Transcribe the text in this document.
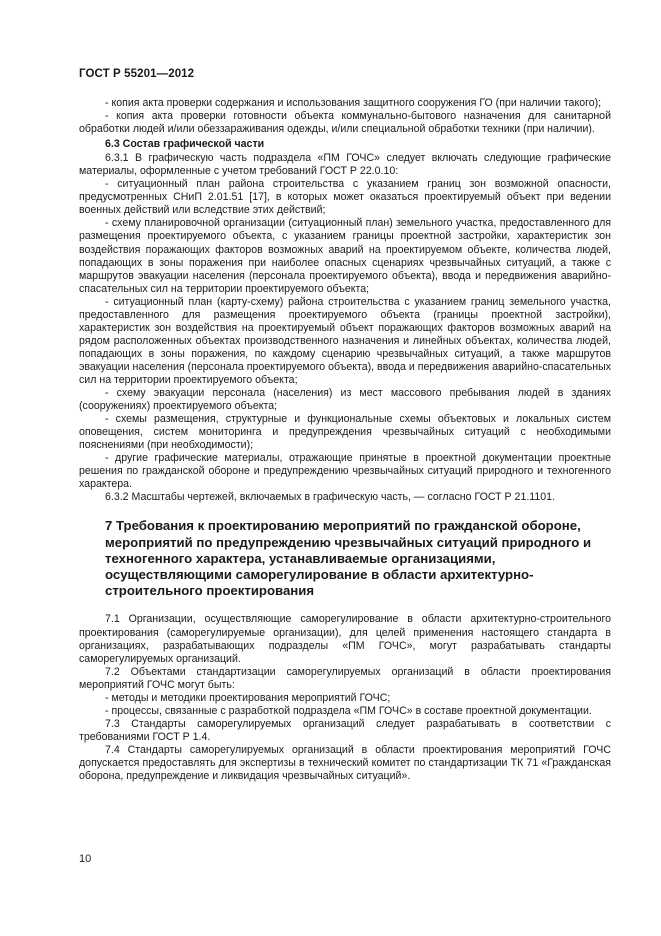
ГОСТ Р 55201—2012

- копия акта проверки содержания и использования защитного сооружения ГО (при наличии такого);

- копия акта проверки готовности объекта коммунально-бытового назначения для санитарной обработки людей и/или обеззараживания одежды, и/или специальной обработки техники (при наличии).

6.3 Состав графической части

6.3.1 В графическую часть подраздела «ПМ ГОЧС» следует включать следующие графические материалы, оформленные с учетом требований ГОСТ Р 22.0.10:

- ситуационный план района строительства с указанием границ зон возможной опасности, предусмотренных СНиП 2.01.51 [17], в которых может оказаться проектируемый объект при ведении военных действий или вследствие этих действий;

- схему планировочной организации (ситуационный план) земельного участка, предоставленного для размещения проектируемого объекта, с указанием границы проектной застройки, характеристик зон воздействия поражающих факторов возможных аварий на проектируемом объекте, количества людей, попадающих в зоны поражения при наиболее опасных сценариях чрезвычайных ситуаций, а также с маршрутов эвакуации населения (персонала проектируемого объекта), ввода и передвижения аварийно-спасательных сил на территории проектируемого объекта;

- ситуационный план (карту-схему) района строительства с указанием границ земельного участка, предоставленного для размещения проектируемого объекта (границы проектной застройки), характеристик зон воздействия на проектируемый объект поражающих факторов возможных аварий на рядом расположенных объектах производственного назначения и линейных объектах, количества людей, попадающих в зоны поражения, по каждому сценарию чрезвычайных ситуаций, а также маршрутов эвакуации населения (персонала проектируемого объекта), ввода и передвижения аварийно-спасательных сил на территории проектируемого объекта;

- схему эвакуации персонала (населения) из мест массового пребывания людей в зданиях (сооружениях) проектируемого объекта;

- схемы размещения, структурные и функциональные схемы объектовых и локальных систем оповещения, систем мониторинга и предупреждения чрезвычайных ситуаций с необходимыми пояснениями (при необходимости);

- другие графические материалы, отражающие принятые в проектной документации проектные решения по гражданской обороне и предупреждению чрезвычайных ситуаций природного и техногенного характера.

6.3.2 Масштабы чертежей, включаемых в графическую часть, — согласно ГОСТ Р 21.1101.

7 Требования к проектированию мероприятий по гражданской обороне, мероприятий по предупреждению чрезвычайных ситуаций природного и техногенного характера, устанавливаемые организациями, осуществляющими саморегулирование в области архитектурно-строительного проектирования

7.1 Организации, осуществляющие саморегулирование в области архитектурно-строительного проектирования (саморегулируемые организации), для целей применения настоящего стандарта в организациях, разрабатывающих подразделы «ПМ ГОЧС», могут разрабатывать стандарты саморегулируемых организаций.

7.2 Объектами стандартизации саморегулируемых организаций в области проектирования мероприятий ГОЧС могут быть:

- методы и методики проектирования мероприятий ГОЧС;

- процессы, связанные с разработкой подраздела «ПМ ГОЧС» в составе проектной документации.

7.3 Стандарты саморегулируемых организаций следует разрабатывать в соответствии с требованиями ГОСТ Р 1.4.

7.4 Стандарты саморегулируемых организаций в области проектирования мероприятий ГОЧС допускается предоставлять для экспертизы в технический комитет по стандартизации ТК 71 «Гражданская оборона, предупреждение и ликвидация чрезвычайных ситуаций».

10
